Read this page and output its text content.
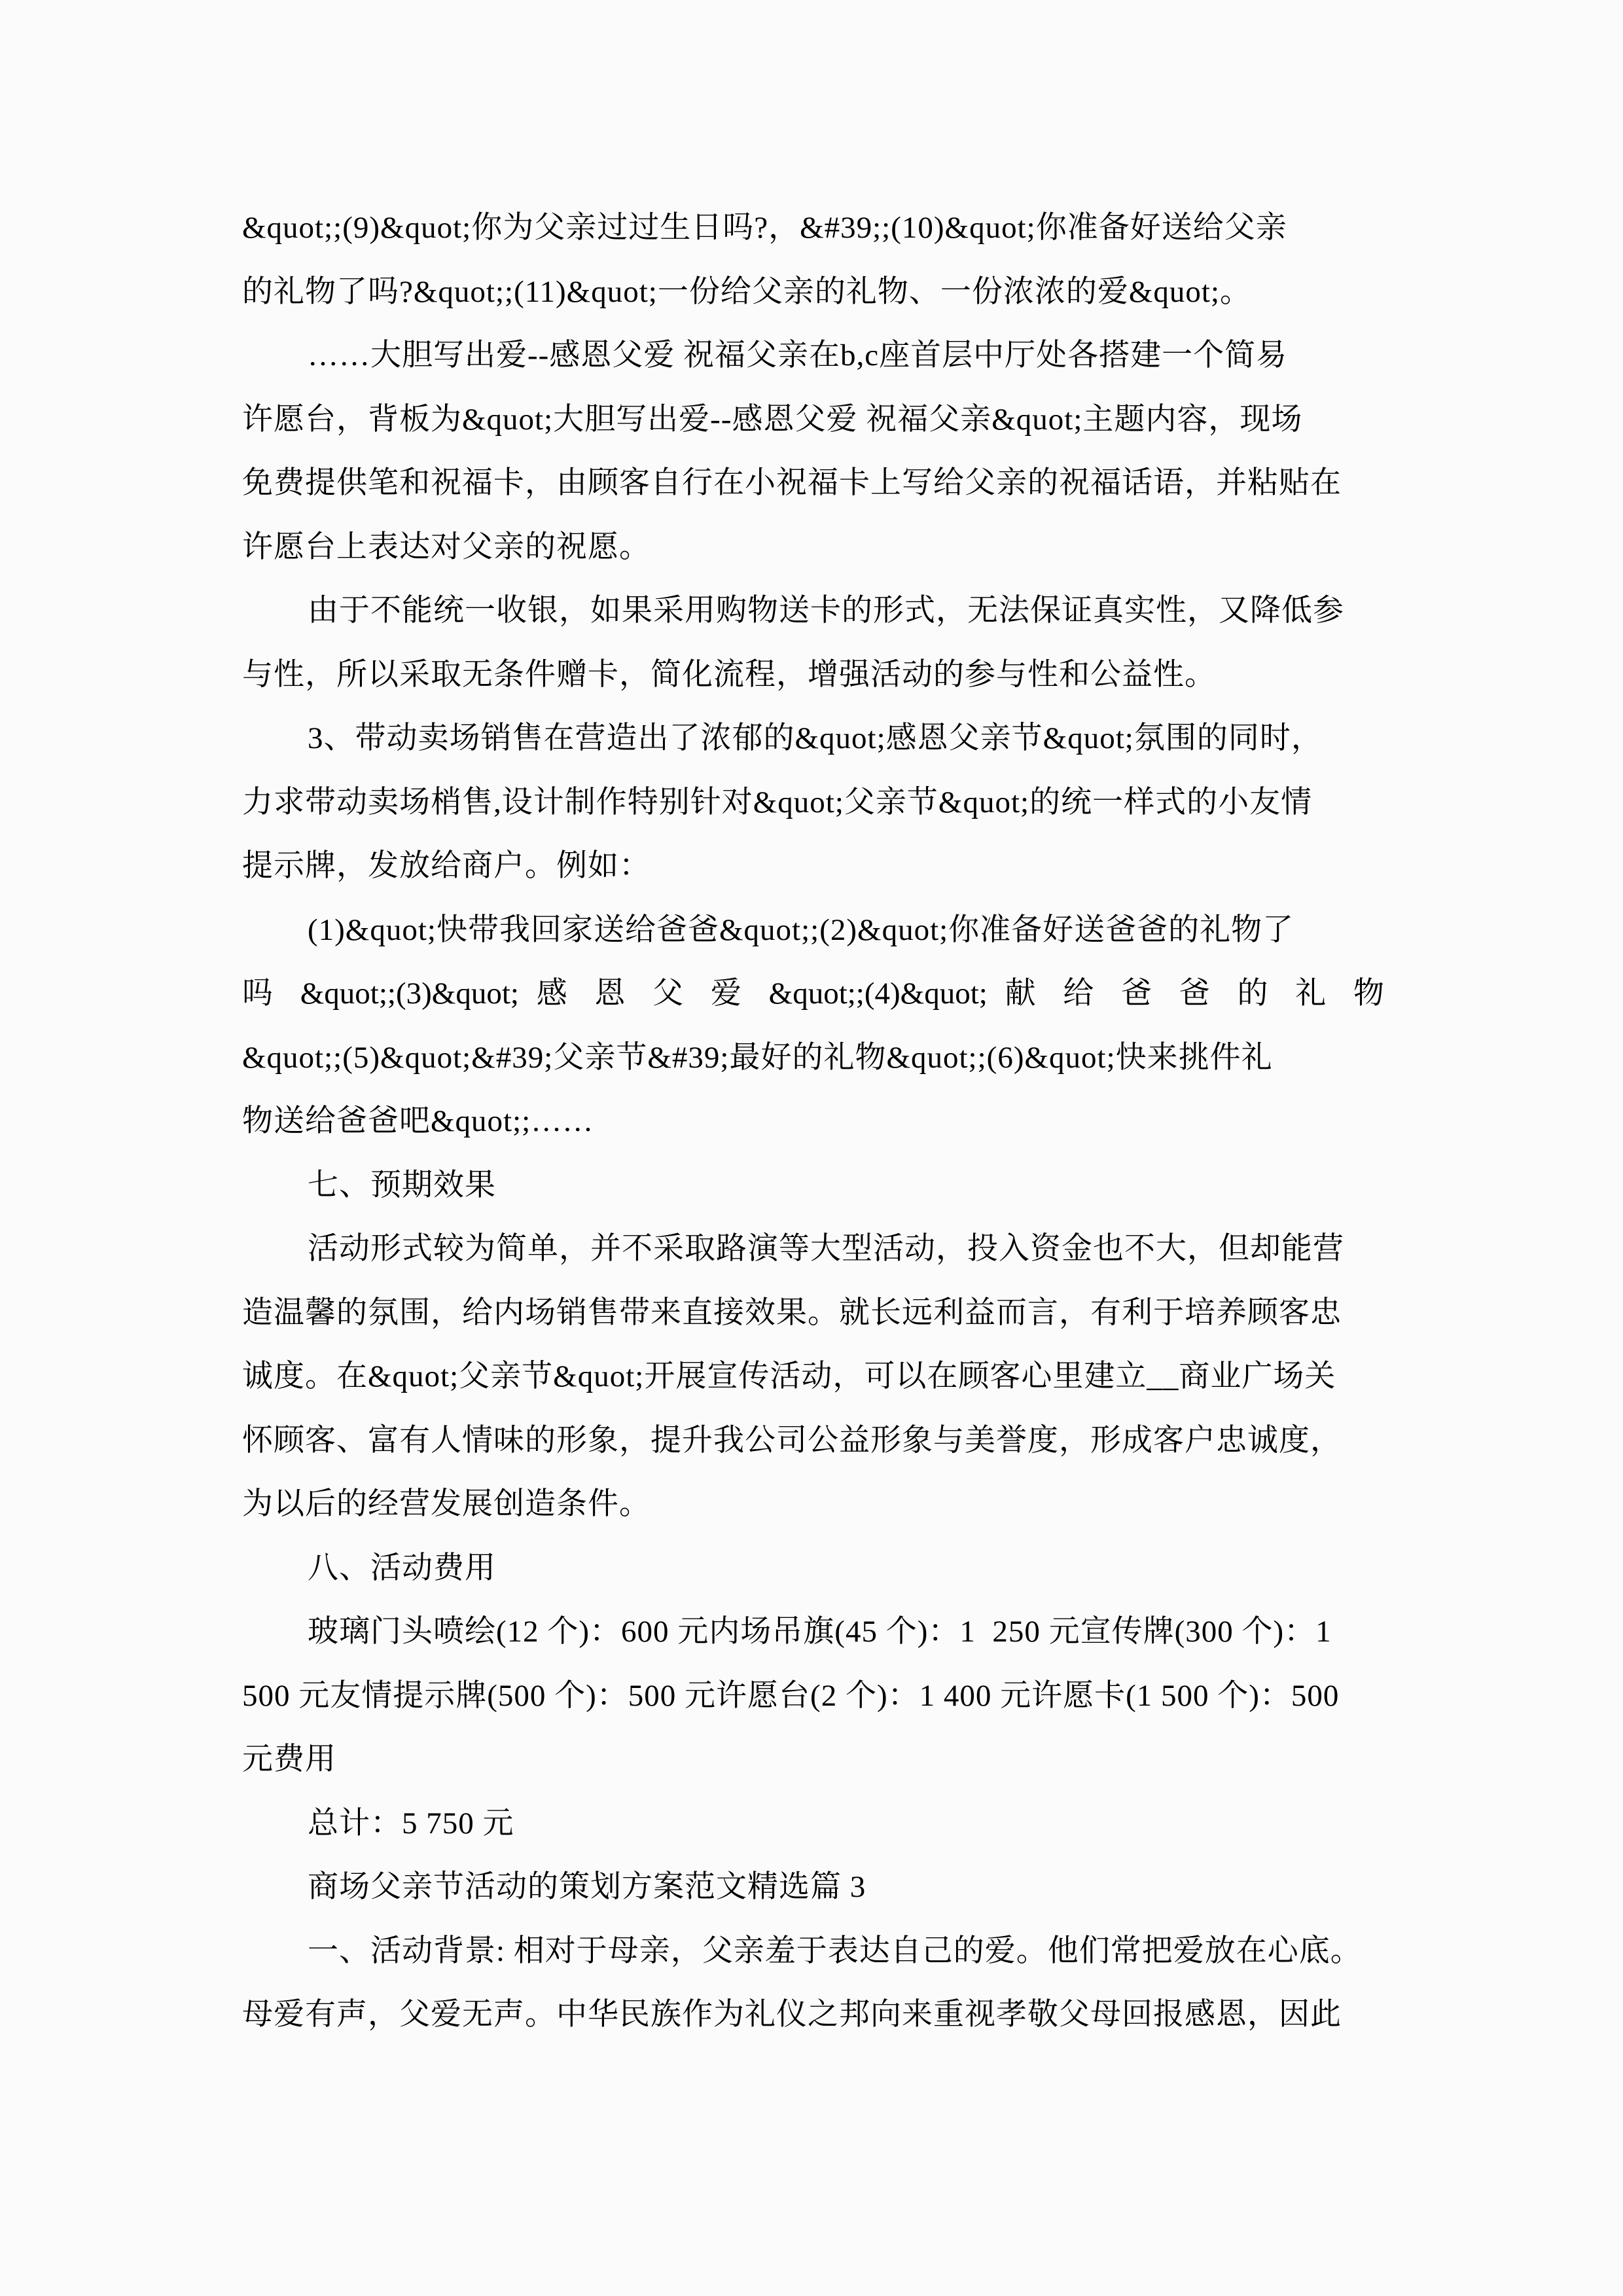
&quot;;(9)&quot;你为父亲过过生日吗?，&#39;;(10)&quot;你准备好送给父亲
的礼物了吗?&quot;;(11)&quot;一份给父亲的礼物、一份浓浓的爱&quot;。
……大胆写出爱--感恩父爱 祝福父亲在b,c座首层中厅处各搭建一个简易
许愿台，背板为&quot;大胆写出爱--感恩父爱 祝福父亲&quot;主题内容，现场
免费提供笔和祝福卡，由顾客自行在小祝福卡上写给父亲的祝福话语，并粘贴在
许愿台上表达对父亲的祝愿。
由于不能统一收银，如果采用购物送卡的形式，无法保证真实性，又降低参
与性，所以采取无条件赠卡，简化流程，增强活动的参与性和公益性。
3、带动卖场销售在营造出了浓郁的&quot;感恩父亲节&quot;氛围的同时，
力求带动卖场梢售,设计制作特别针对&quot;父亲节&quot;的统一样式的小友情
提示牌，发放给商户。例如：
(1)&quot;快带我回家送给爸爸&quot;;(2)&quot;你准备好送爸爸的礼物了
吗 &quot;;(3)&quot; 感 恩 父 爱 &quot;;(4)&quot; 献 给 爸 爸 的 礼 物
&quot;;(5)&quot;&#39;父亲节&#39;最好的礼物&quot;;(6)&quot;快来挑件礼
物送给爸爸吧&quot;;……
七、预期效果
活动形式较为简单，并不采取路演等大型活动，投入资金也不大，但却能营
造温馨的氛围，给内场销售带来直接效果。就长远利益而言，有利于培养顾客忠
诚度。在&quot;父亲节&quot;开展宣传活动，可以在顾客心里建立__商业广场关
怀顾客、富有人情味的形象，提升我公司公益形象与美誉度，形成客户忠诚度，
为以后的经营发展创造条件。
八、活动费用
玻璃门头喷绘(12 个)：600 元内场吊旗(45 个)：1  250 元宣传牌(300 个)：1
500 元友情提示牌(500 个)：500 元许愿台(2 个)：1 400 元许愿卡(1 500 个)：500
元费用
总计：5 750 元
商场父亲节活动的策划方案范文精选篇 3
一、活动背景: 相对于母亲，父亲羞于表达自己的爱。他们常把爱放在心底。
母爱有声，父爱无声。中华民族作为礼仪之邦向来重视孝敬父母回报感恩，因此
